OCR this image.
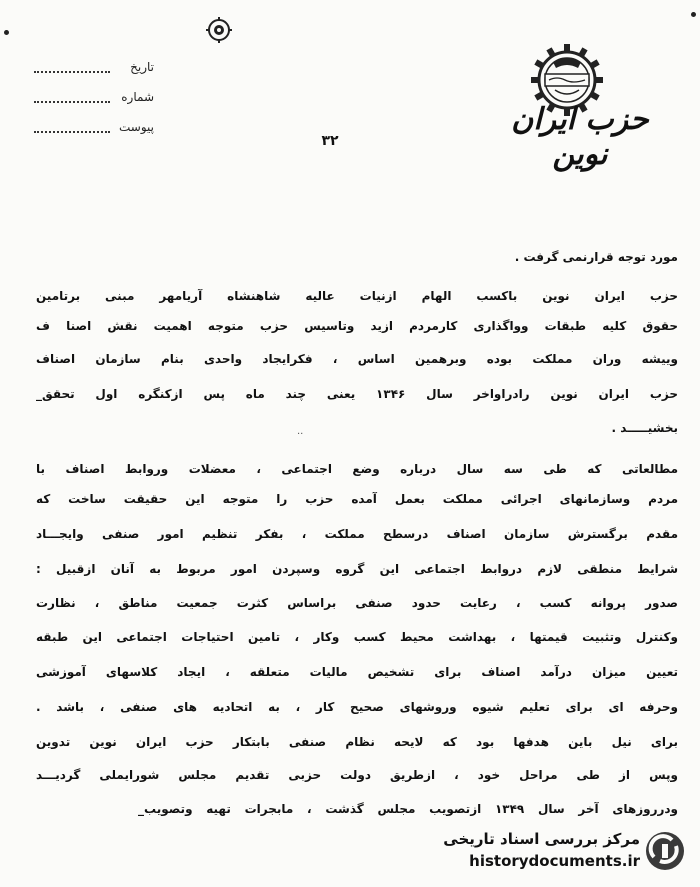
تاریخ
شماره
پیوست	حزب ایران نوین
۳۲
مورد توجه قرارنمی گرفت .
حزب ایران نوین باکسب الهام ازنیات عالیه شاهنشاه آریامهر مبنی برتامین
حقوق کلیه طبقات وواگذاری کارمردم ازید وتاسیس حزب متوجه اهمیت نقش اصنا ف
وییشه وران مملکت بوده وبرهمین اساس ، فکرایجاد واحدی بنام سازمان اصناف
حزب ایران نوین رادراواخر سال ۱۳۴۶ یعنی چند ماه پس ازکنگره اول تحقق_
بخشیـــــد .
··
مطالعاتی که طی سه سال درباره وضع اجتماعی ، معضلات وروابط اصناف با
مردم وسازمانهای اجرائی مملکت بعمل آمده حزب را متوجه این حقیقت ساخت که
مقدم برگسترش سازمان اصناف درسطح مملکت ، بفکر تنظیم امور صنفی وایجـــاد
شرایط منطقی لازم دروابط اجتماعی این گروه وسپردن امور مربوط به آنان ازقبیل :
صدور پروانه کسب ، رعایت حدود صنفی براساس کثرت جمعیت مناطق ، نظارت
وکنترل وتثبیت قیمتها ، بهداشت محیط کسب وکار ، تامین احتیاجات اجتماعی این طبقه
تعیین میزان درآمد اصناف برای تشخیص مالیات متعلقه ، ایجاد کلاسهای آموزشی
وحرفه ای برای تعلیم شیوه وروشهای صحیح کار ، به اتحادیه های صنفی ، باشد .
برای نیل باین هدفها بود که لایحه نظام صنفی بابتکار حزب ایران نوین تدوین
وپس از طی مراحل خود ، ازطریق دولت حزبی تقدیم مجلس شورایملی گردیـــد
ودرروزهای آخر سال ۱۳۴۹ ازتصویب مجلس گذشت ، مابجرات تهیه وتصویب_
مرکز بررسی اسناد تاریخی
historydocuments.ir
